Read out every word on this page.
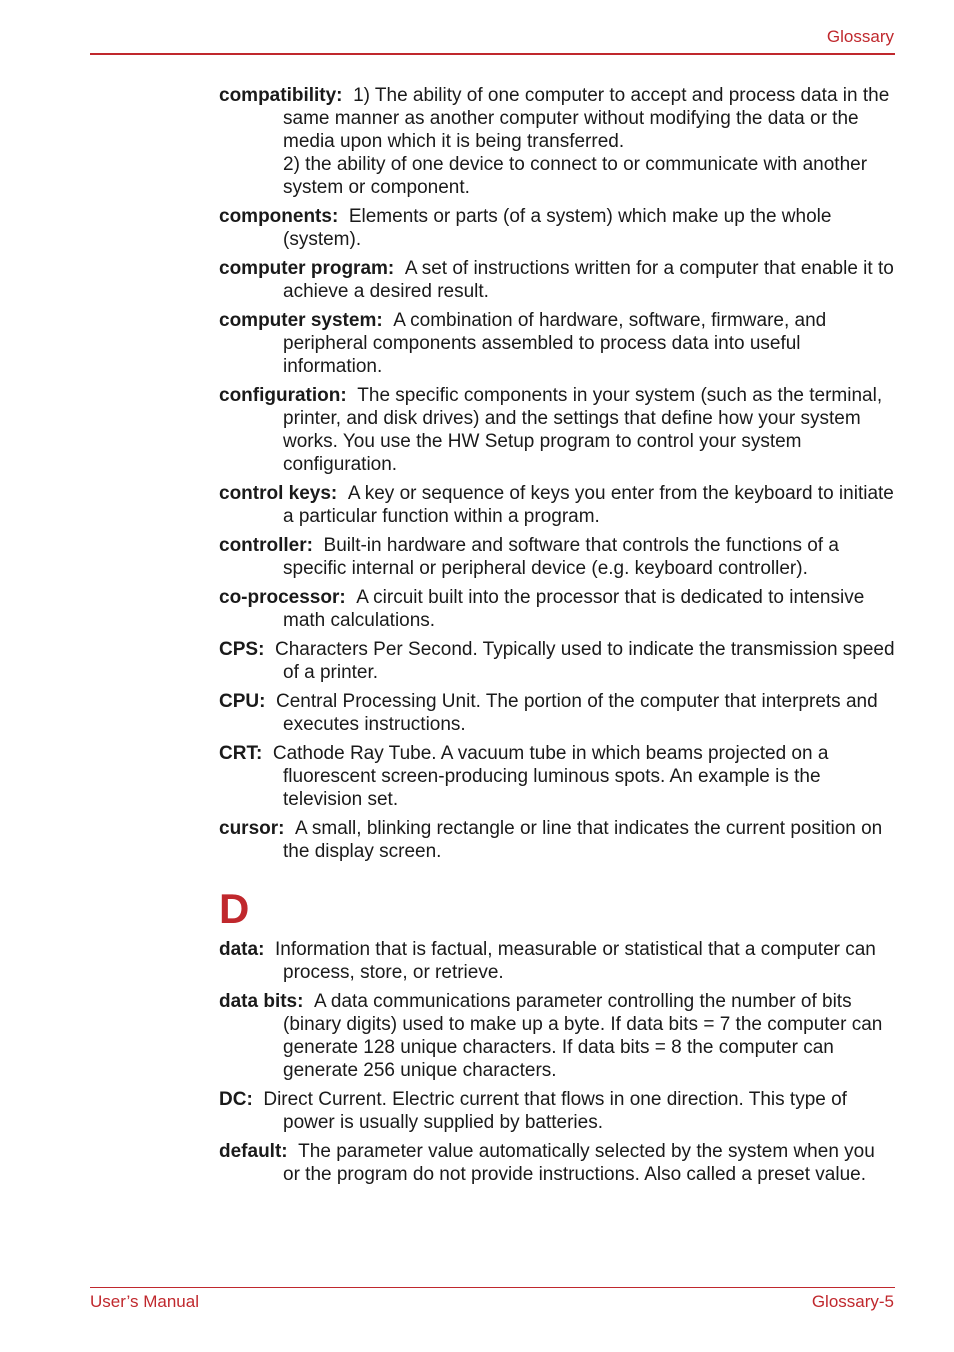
Glossary
compatibility: 1) The ability of one computer to accept and process data in the same manner as another computer without modifying the data or the media upon which it is being transferred.
2) the ability of one device to connect to or communicate with another system or component.
components: Elements or parts (of a system) which make up the whole (system).
computer program: A set of instructions written for a computer that enable it to achieve a desired result.
computer system: A combination of hardware, software, firmware, and peripheral components assembled to process data into useful information.
configuration: The specific components in your system (such as the terminal, printer, and disk drives) and the settings that define how your system works. You use the HW Setup program to control your system configuration.
control keys: A key or sequence of keys you enter from the keyboard to initiate a particular function within a program.
controller: Built-in hardware and software that controls the functions of a specific internal or peripheral device (e.g. keyboard controller).
co-processor: A circuit built into the processor that is dedicated to intensive math calculations.
CPS: Characters Per Second. Typically used to indicate the transmission speed of a printer.
CPU: Central Processing Unit. The portion of the computer that interprets and executes instructions.
CRT: Cathode Ray Tube. A vacuum tube in which beams projected on a fluorescent screen-producing luminous spots. An example is the television set.
cursor: A small, blinking rectangle or line that indicates the current position on the display screen.
D
data: Information that is factual, measurable or statistical that a computer can process, store, or retrieve.
data bits: A data communications parameter controlling the number of bits (binary digits) used to make up a byte. If data bits = 7 the computer can generate 128 unique characters. If data bits = 8 the computer can generate 256 unique characters.
DC: Direct Current. Electric current that flows in one direction. This type of power is usually supplied by batteries.
default: The parameter value automatically selected by the system when you or the program do not provide instructions. Also called a preset value.
User’s Manual	Glossary-5
